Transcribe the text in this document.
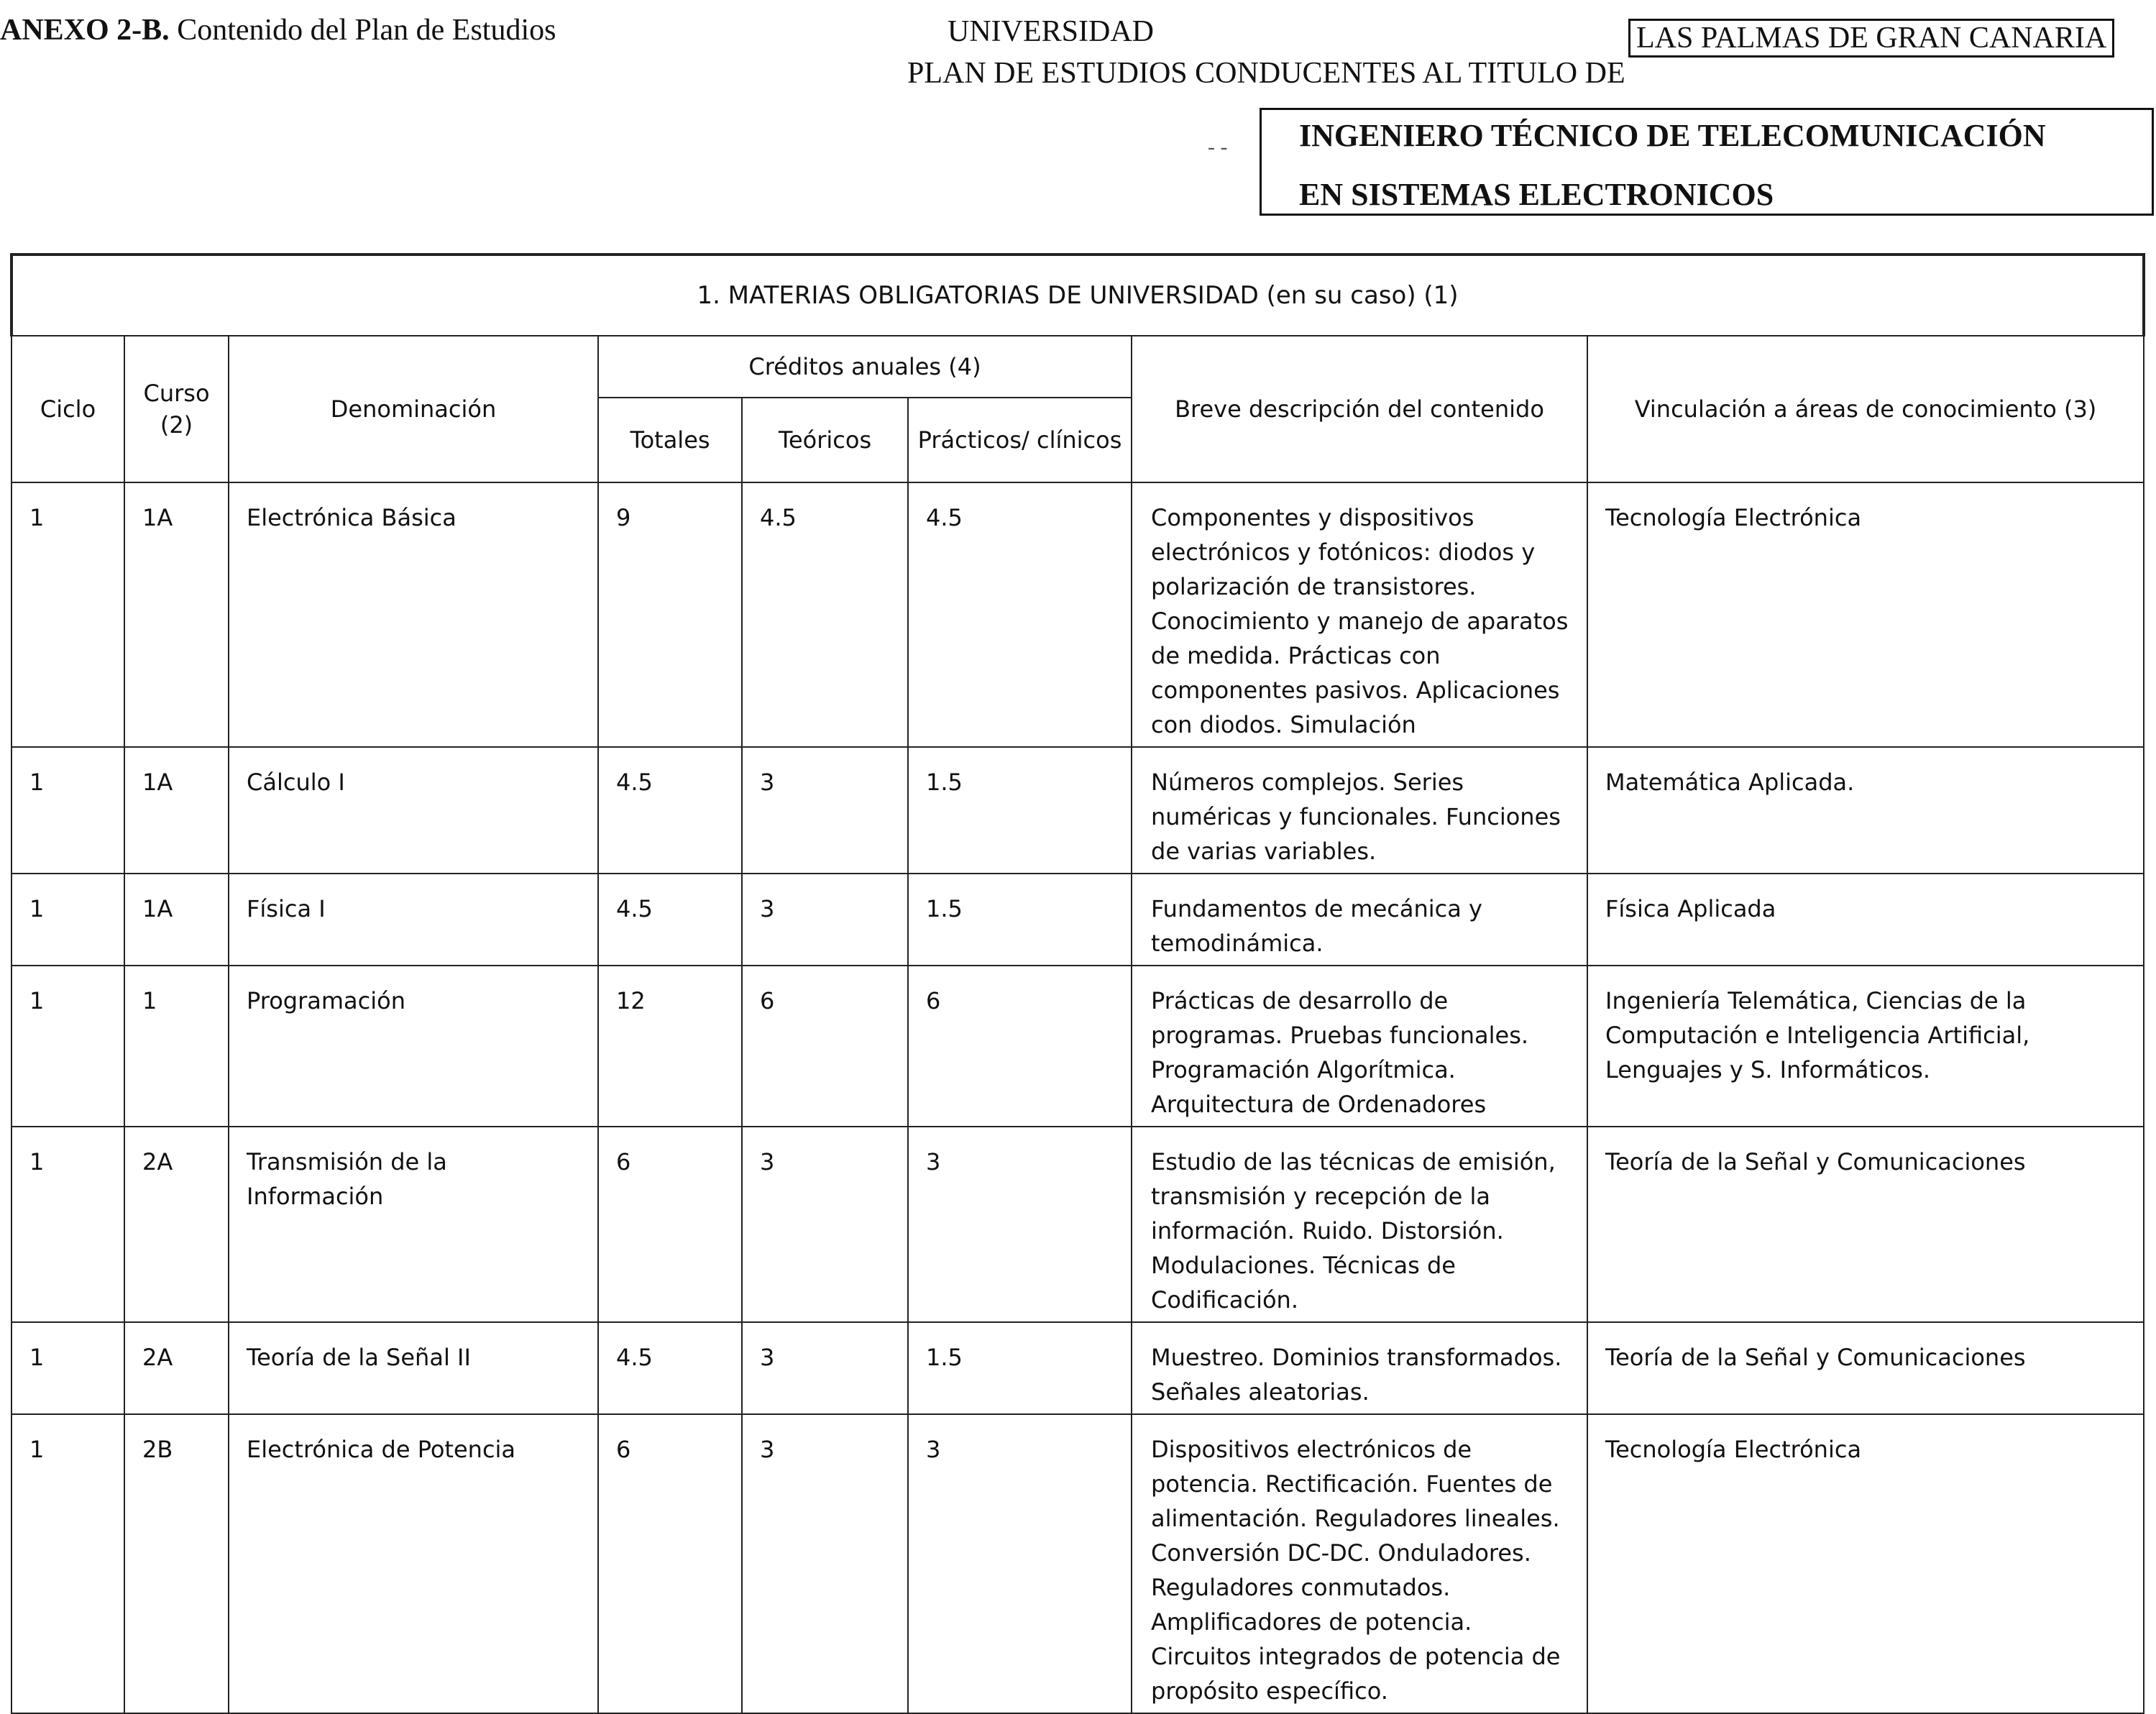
ANEXO 2-B. Contenido del Plan de Estudios	UNIVERSIDAD	LAS PALMAS DE GRAN CANARIA
PLAN DE ESTUDIOS CONDUCENTES AL TITULO DE
- - INGENIERO TÉCNICO DE TELECOMUNICACIÓN
EN SISTEMAS ELECTRONICOS
1. MATERIAS OBLIGATORIAS DE UNIVERSIDAD (en su caso) (1)							
Ciclo	Curso (2)	Denominación	Créditos anuales (4)			Breve descripción del contenido	Vinculación a áreas de conocimiento (3)
			Totales	Teóricos	Prácticos/ clínicos		
1	1A	Electrónica Básica	9	4.5	4.5	Componentes y dispositivos electrónicos y fotónicos: diodos y polarización de transistores. Conocimiento y manejo de aparatos de medida. Prácticas con componentes pasivos. Aplicaciones con diodos. Simulación	Tecnología Electrónica
1	1A	Cálculo I	4.5	3	1.5	Números complejos. Series numéricas y funcionales. Funciones de varias variables.	Matemática Aplicada.
1	1A	Física I	4.5	3	1.5	Fundamentos de mecánica y temodinámica.	Física Aplicada
1	1	Programación	12	6	6	Prácticas de desarrollo de programas. Pruebas funcionales. Programación Algorítmica. Arquitectura de Ordenadores	Ingeniería Telemática, Ciencias de la Computación e Inteligencia Artificial, Lenguajes y S. Informáticos.
1	2A	Transmisión de la Información	6	3	3	Estudio de las técnicas de emisión, transmisión y recepción de la información. Ruido. Distorsión. Modulaciones. Técnicas de Codificación.	Teoría de la Señal y Comunicaciones
1	2A	Teoría de la Señal II	4.5	3	1.5	Muestreo. Dominios transformados. Señales aleatorias.	Teoría de la Señal y Comunicaciones
1	2B	Electrónica de Potencia	6	3	3	Dispositivos electrónicos de potencia. Rectificación. Fuentes de alimentación. Reguladores lineales. Conversión DC-DC. Onduladores. Reguladores conmutados. Amplificadores de potencia. Circuitos integrados de potencia de propósito específico.	Tecnología Electrónica
